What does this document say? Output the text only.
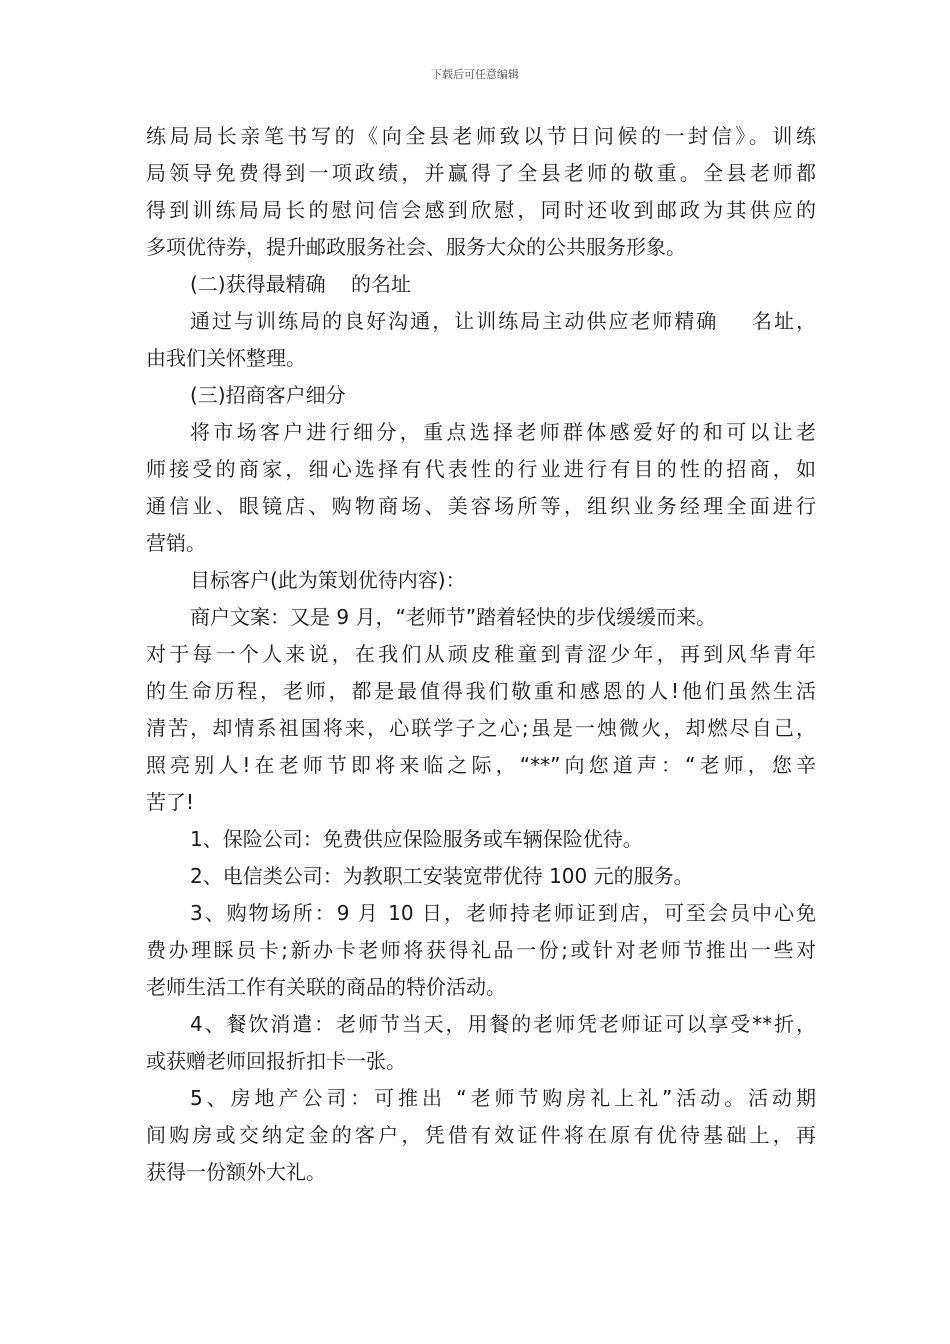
下载后可任意编辑
练局局长亲笔书写的《向全县老师致以节日问候的一封信》。训练
局领导免费得到一项政绩，并赢得了全县老师的敬重。全县老师都
得到训练局局长的慰问信会感到欣慰，同时还收到邮政为其供应的
多项优待券，提升邮政服务社会、服务大众的公共服务形象。
(二)获得最精确    的名址
通过与训练局的良好沟通，让训练局主动供应老师精确    名址，
由我们关怀整理。
(三)招商客户细分
将市场客户进行细分，重点选择老师群体感爱好的和可以让老
师接受的商家，细心选择有代表性的行业进行有目的性的招商，如
通信业、眼镜店、购物商场、美容场所等，组织业务经理全面进行
营销。
目标客户(此为策划优待内容)：
商户文案：又是 9 月，“老师节”踏着轻快的步伐缓缓而来。
对于每一个人来说，在我们从顽皮稚童到青涩少年，再到风华青年
的生命历程，老师，都是最值得我们敬重和感恩的人!他们虽然生活
清苦，却情系祖国将来，心联学子之心;虽是一烛微火，却燃尽自己，
照亮别人!在老师节即将来临之际，“**”向您道声：“老师，您辛
苦了!
1、保险公司：免费供应保险服务或车辆保险优待。
2、电信类公司：为教职工安装宽带优待 100 元的服务。
3、购物场所：9 月 10 日，老师持老师证到店，可至会员中心免
费办理睬员卡;新办卡老师将获得礼品一份;或针对老师节推出一些对
老师生活工作有关联的商品的特价活动。
4、餐饮消遣：老师节当天，用餐的老师凭老师证可以享受**折，
或获赠老师回报折扣卡一张。
5、房地产公司：可推出 “老师节购房礼上礼”活动。活动期
间购房或交纳定金的客户，凭借有效证件将在原有优待基础上，再
获得一份额外大礼。
